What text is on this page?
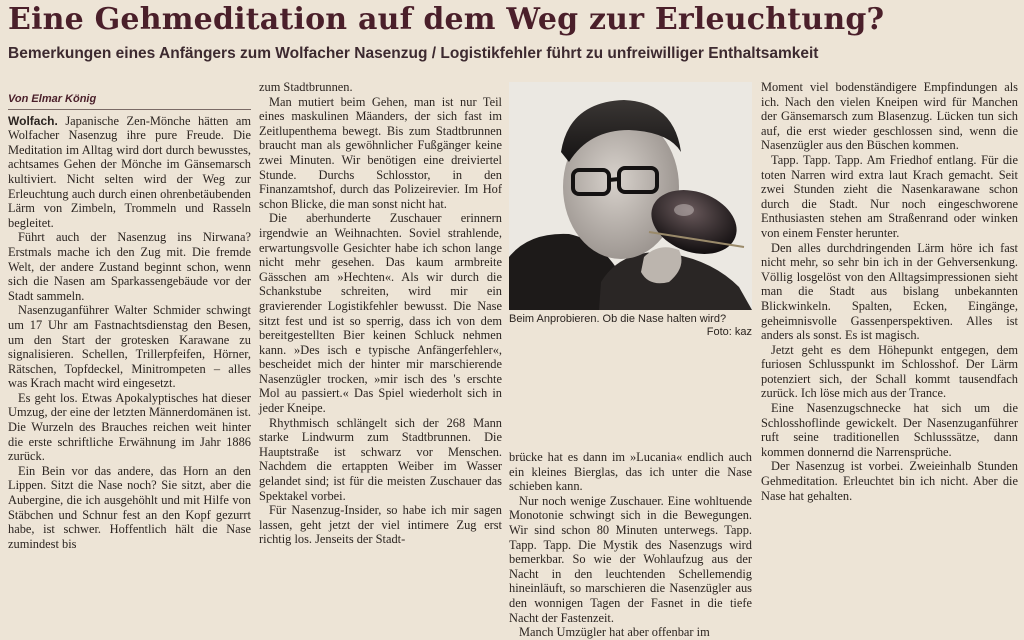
Eine Gehmeditation auf dem Weg zur Erleuchtung?
Bemerkungen eines Anfängers zum Wolfacher Nasenzug / Logistikfehler führt zu unfreiwilliger Enthaltsamkeit
Von Elmar König

Wolfach. Japanische Zen-Mönche hätten am Wolfacher Nasenzug ihre pure Freude. Die Meditation im Alltag wird dort durch bewusstes, achtsames Gehen der Mönche im Gänsemarsch kultiviert. Nicht selten wird der Weg zur Erleuchtung auch durch einen ohrenbetäubenden Lärm von Zimbeln, Trommeln und Rasseln begleitet.

Führt auch der Nasenzug ins Nirwana? Erstmals mache ich den Zug mit. Die fremde Welt, der andere Zustand beginnt schon, wenn sich die Nasen am Sparkassengebäude vor der Stadt sammeln.

Nasenzuganführer Walter Schmider schwingt um 17 Uhr am Fastnachtsdienstag den Besen, um den Start der grotesken Karawane zu signalisieren. Schellen, Trillerpfeifen, Hörner, Rätschen, Topfdeckel, Minitrompeten – alles was Krach macht wird eingesetzt.

Es geht los. Etwas Apokalyptisches hat dieser Umzug, der eine der letzten Männerdomänen ist. Die Wurzeln des Brauches reichen weit hinter die erste schriftliche Erwähnung im Jahr 1886 zurück.

Ein Bein vor das andere, das Horn an den Lippen. Sitzt die Nase noch? Sie sitzt, aber die Aubergine, die ich ausgehöhlt und mit Hilfe von Stäbchen und Schnur fest an den Kopf gezurrt habe, ist schwer. Hoffentlich hält die Nase zumindest bis

zum Stadtbrunnen.

Man mutiert beim Gehen, man ist nur Teil eines maskulinen Mäanders, der sich fast im Zeitlupenthema bewegt. Bis zum Stadtbrunnen braucht man als gewöhnlicher Fußgänger keine zwei Minuten. Wir benötigen eine dreiviertel Stunde. Durchs Schlosstor, in den Finanzamtshof, durch das Polizeirevier. Im Hof schon Blicke, die man sonst nicht hat.

Die aberhunderte Zuschauer erinnern irgendwie an Weihnachten. Soviel strahlende, erwartungsvolle Gesichter habe ich schon lange nicht mehr gesehen. Das kaum armbreite Gässchen am »Hechten«. Als wir durch die Schankstube schreiten, wird mir ein gravierender Logistikfehler bewusst. Die Nase sitzt fest und ist so sperrig, dass ich von dem bereitgestellten Bier keinen Schluck nehmen kann. »Des isch e typische Anfängerfehler«, bescheidet mich der hinter mir marschierende Nasenzügler trocken, »mir isch des 's erschte Mol au passiert.« Das Spiel wiederholt sich in jeder Kneipe.

Rhythmisch schlängelt sich der 268 Mann starke Lindwurm zum Stadtbrunnen. Die Hauptstraße ist schwarz vor Menschen. Nachdem die ertappten Weiber im Wasser gelandet sind; ist für die meisten Zuschauer das Spektakel vorbei.

Für Nasenzug-Insider, so habe ich mir sagen lassen, geht jetzt der viel intimere Zug erst richtig los. Jenseits der Stadt-

Beim Anprobieren. Ob die Nase halten wird?
Foto: kaz

brücke hat es dann im »Lucania« endlich auch ein kleines Bierglas, das ich unter die Nase schieben kann.

Nur noch wenige Zuschauer. Eine wohltuende Monotonie schwingt sich in die Bewegungen. Wir sind schon 80 Minuten unterwegs. Tapp. Tapp. Tapp. Die Mystik des Nasenzugs wird bemerkbar. So wie der Wohlaufzug aus der Nacht in den leuchtenden Schellemendig hineinläuft, so marschieren die Nasenzügler aus den wonnigen Tagen der Fasnet in die tiefe Nacht der Fastenzeit.

Manch Umzügler hat aber offenbar im

Moment viel bodenständigere Empfindungen als ich. Nach den vielen Kneipen wird für Manchen der Gänsemarsch zum Blasenzug. Lücken tun sich auf, die erst wieder geschlossen sind, wenn die Nasenzügler aus den Büschen kommen.

Tapp. Tapp. Tapp. Am Friedhof entlang. Für die toten Narren wird extra laut Krach gemacht. Seit zwei Stunden zieht die Nasenkarawane schon durch die Stadt. Nur noch eingeschworene Enthusiasten stehen am Straßenrand oder winken von einem Fenster herunter.

Den alles durchdringenden Lärm höre ich fast nicht mehr, so sehr bin ich in der Gehversenkung. Völlig losgelöst von den Alltagsimpressionen sieht man die Stadt aus bislang unbekannten Blickwinkeln. Spalten, Ecken, Eingänge, geheimnisvolle Gassenperspektiven. Alles ist anders als sonst. Es ist magisch.

Jetzt geht es dem Höhepunkt entgegen, dem furiosen Schlusspunkt im Schlosshof. Der Lärm potenziert sich, der Schall kommt tausendfach zurück. Ich löse mich aus der Trance.

Eine Nasenzugschnecke hat sich um die Schlosshoflinde gewickelt. Der Nasenzuganführer ruft seine traditionellen Schlusssätze, dann kommen donnernd die Narrensprüche.

Der Nasenzug ist vorbei. Zweieinhalb Stunden Gehmeditation. Erleuchtet bin ich nicht. Aber die Nase hat gehalten.
